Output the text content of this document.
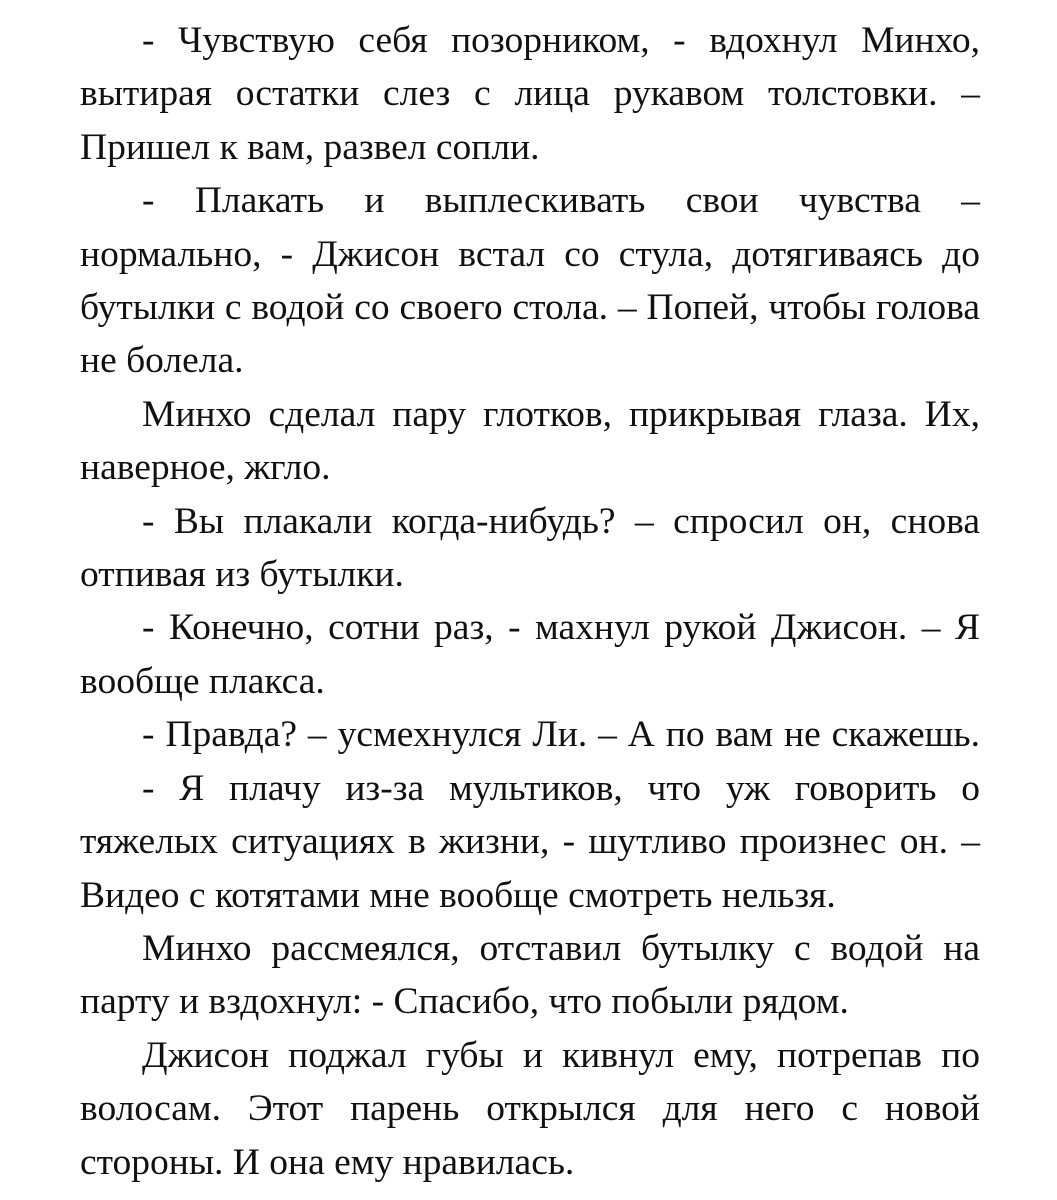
- Чувствую себя позорником, - вдохнул Минхо, вытирая остатки слез с лица рукавом толстовки. – Пришел к вам, развел сопли.

- Плакать и выплескивать свои чувства – нормально, - Джисон встал со стула, дотягиваясь до бутылки с водой со своего стола. – Попей, чтобы голова не болела.

Минхо сделал пару глотков, прикрывая глаза. Их, наверное, жгло.

- Вы плакали когда-нибудь? – спросил он, снова отпивая из бутылки.

- Конечно, сотни раз, - махнул рукой Джисон. – Я вообще плакса.

- Правда? – усмехнулся Ли. – А по вам не скажешь.

- Я плачу из-за мультиков, что уж говорить о тяжелых ситуациях в жизни, - шутливо произнес он. – Видео с котятами мне вообще смотреть нельзя.

Минхо рассмеялся, отставил бутылку с водой на парту и вздохнул: - Спасибо, что побыли рядом.

Джисон поджал губы и кивнул ему, потрепав по волосам. Этот парень открылся для него с новой стороны. И она ему нравилась.
